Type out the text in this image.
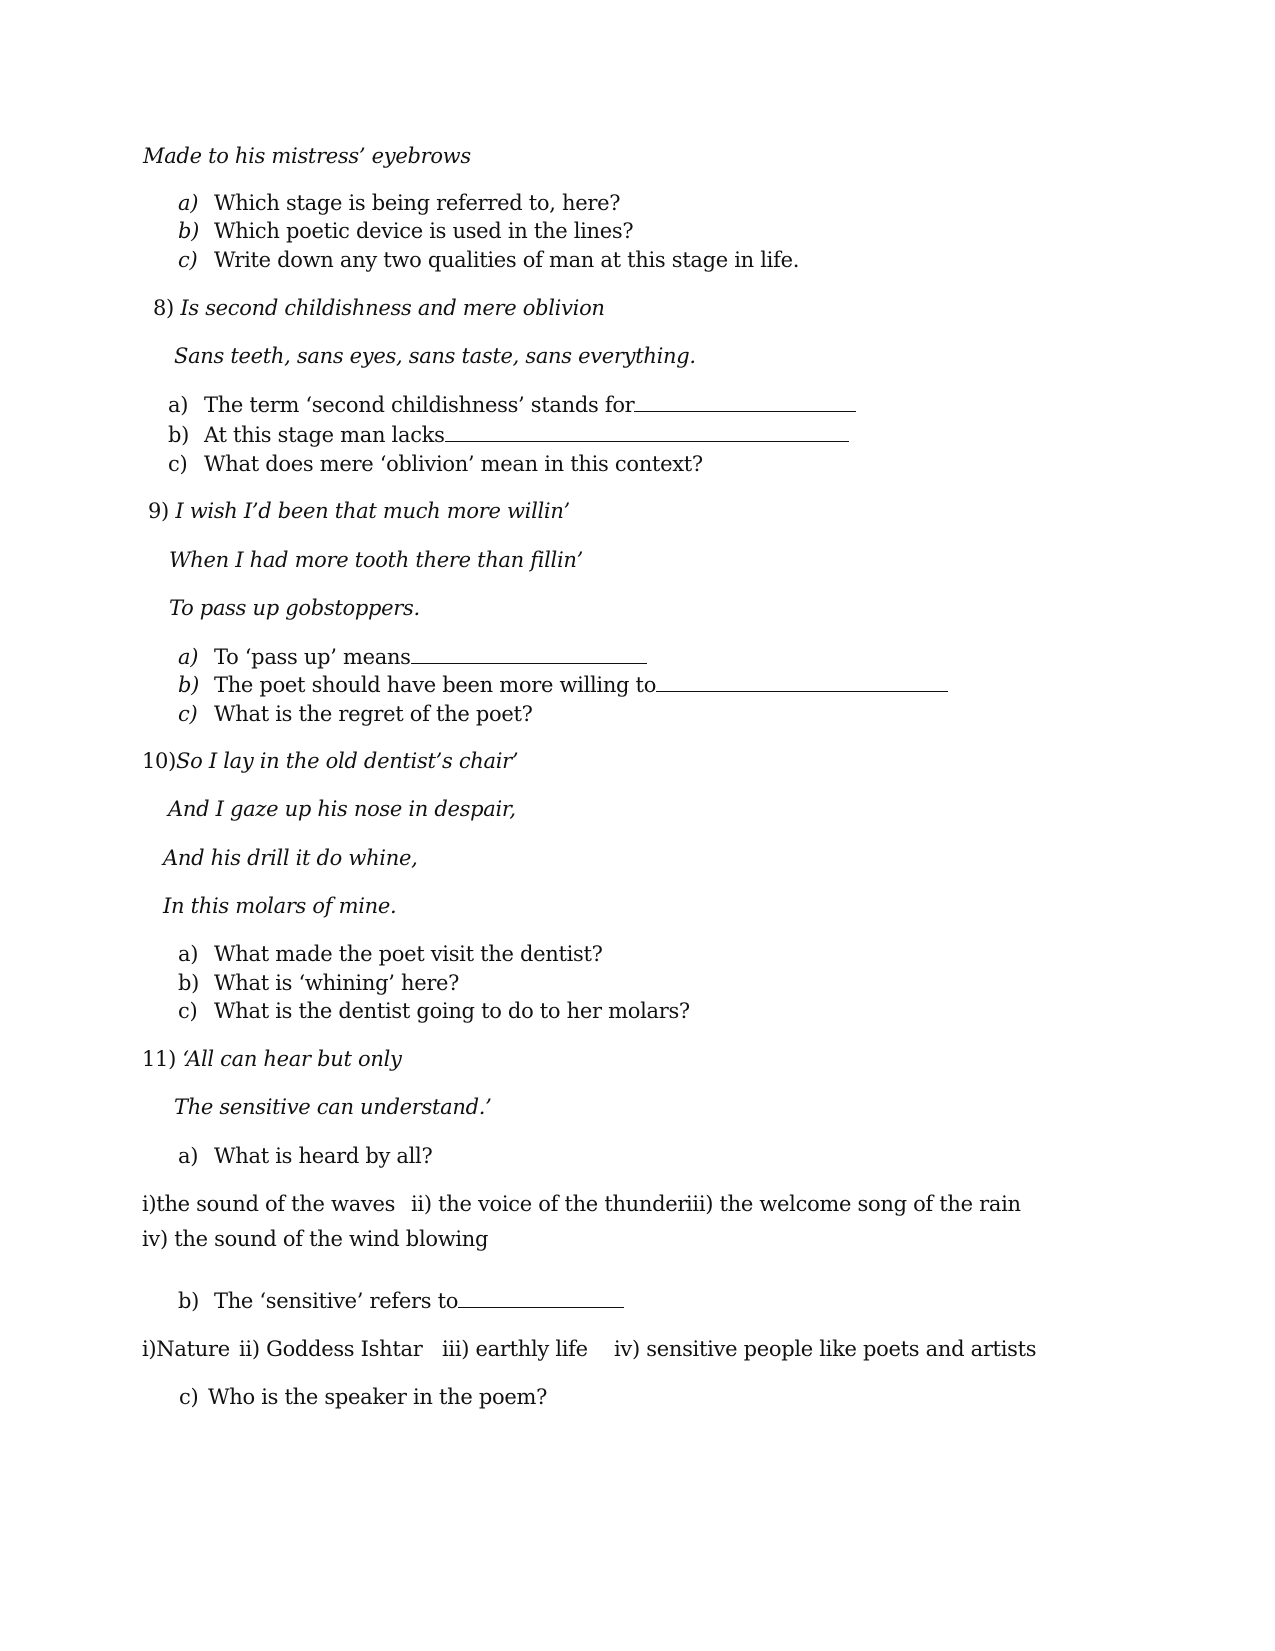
Made to his mistress’ eyebrows
a) Which stage is being referred to, here?
b) Which poetic device is used in the lines?
c) Write down any two qualities of man at this stage in life.
8) Is second childishness and mere oblivion
Sans teeth, sans eyes, sans taste, sans everything.
a) The term ‘second childishness’ stands for
b) At this stage man lacks
c) What does mere ‘oblivion’ mean in this context?
9) I wish I’d been that much more willin’
When I had more tooth there than fillin’
To pass up gobstoppers.
a) To ‘pass up’ means
b) The poet should have been more willing to
c) What is the regret of the poet?
10)So I lay in the old dentist’s chair’
And I gaze up his nose in despair,
And his drill it do whine,
In this molars of mine.
a) What made the poet visit the dentist?
b) What is ‘whining’ here?
c) What is the dentist going to do to her molars?
11) ‘All can hear but only
The sensitive can understand.’
a) What is heard by all?
i)the sound of the waves ii) the voice of the thunder
iii) the welcome song of the rain
iv) the sound of the wind blowing
b) The ‘sensitive’ refers to
i)Nature ii) Goddess Ishtar iii) earthly life iv) sensitive people like poets and artists
c) Who is the speaker in the poem?
